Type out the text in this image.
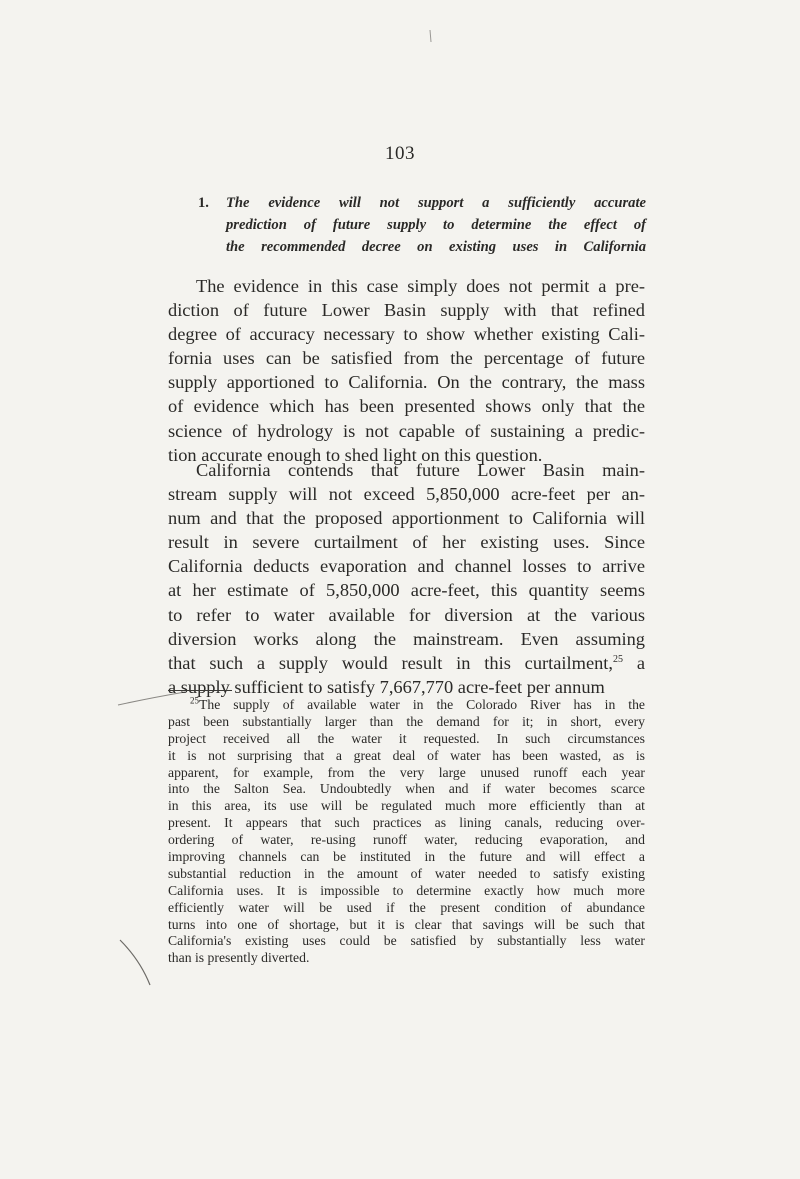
103
1.	The evidence will not support a sufficiently accurate
prediction of future supply to determine the effect of
the recommended decree on existing uses in California
The evidence in this case simply does not permit a pre-
diction of future Lower Basin supply with that refined
degree of accuracy necessary to show whether existing Cali-
fornia uses can be satisfied from the percentage of future
supply apportioned to California. On the contrary, the mass
of evidence which has been presented shows only that the
science of hydrology is not capable of sustaining a predic-
tion accurate enough to shed light on this question.
California contends that future Lower Basin main-
stream supply will not exceed 5,850,000 acre-feet per an-
num and that the proposed apportionment to California will
result in severe curtailment of her existing uses. Since
California deducts evaporation and channel losses to arrive
at her estimate of 5,850,000 acre-feet, this quantity seems
to refer to water available for diversion at the various
diversion works along the mainstream. Even assuming
that such a supply would result in this curtailment,$^{25}$ a
a supply sufficient to satisfy 7,667,770 acre-feet per annum
$^{25}$The supply of available water in the Colorado River has in the
past been substantially larger than the demand for it; in short, every
project received all the water it requested. In such circumstances
it is not surprising that a great deal of water has been wasted, as is
apparent, for example, from the very large unused runoff each year
into the Salton Sea. Undoubtedly when and if water becomes scarce
in this area, its use will be regulated much more efficiently than at
present. It appears that such practices as lining canals, reducing over-
ordering of water, re-using runoff water, reducing evaporation, and
improving channels can be instituted in the future and will effect a
substantial reduction in the amount of water needed to satisfy existing
California uses. It is impossible to determine exactly how much more
efficiently water will be used if the present condition of abundance
turns into one of shortage, but it is clear that savings will be such that
California's existing uses could be satisfied by substantially less water
than is presently diverted.
